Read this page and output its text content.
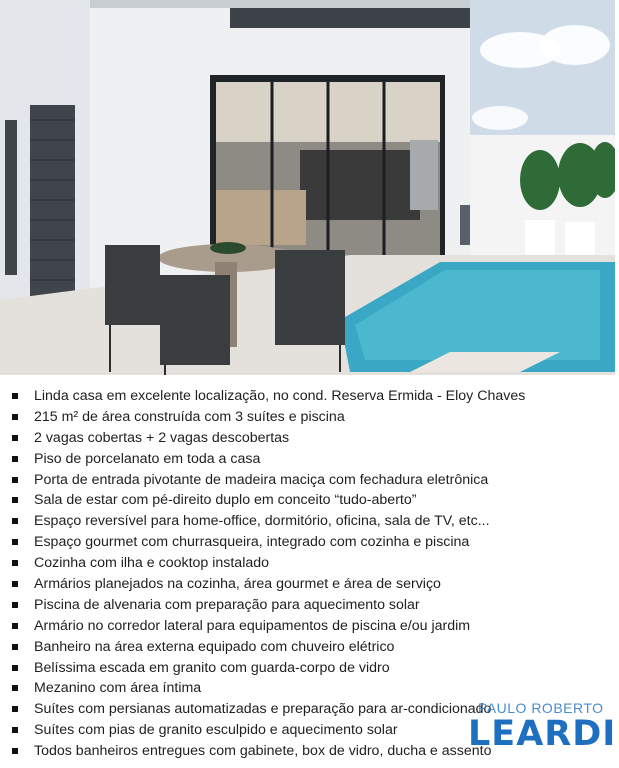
Linda casa em excelente localização, no cond. Reserva Ermida - Eloy Chaves
215 m² de área construída com 3 suítes e piscina
2 vagas cobertas + 2 vagas descobertas
Piso de porcelanato em toda a casa
Porta de entrada pivotante de madeira maciça com fechadura eletrônica
Sala de estar com pé-direito duplo em conceito “tudo-aberto”
Espaço reversível para home-office, dormitório, oficina, sala de TV, etc...
Espaço gourmet com churrasqueira, integrado com cozinha e piscina
Cozinha com ilha e cooktop instalado
Armários planejados na cozinha, área gourmet e área de serviço
Piscina de alvenaria com preparação para aquecimento solar
Armário no corredor lateral para equipamentos de piscina e/ou jardim
Banheiro na área externa equipado com chuveiro elétrico
Belíssima escada em granito com guarda-corpo de vidro
Mezanino com área íntima
Suítes com persianas automatizadas e preparação para ar-condicionado
Suítes com pias de granito esculpido e aquecimento solar
Todos banheiros entregues com gabinete, box de vidro, ducha e assento
PAULO ROBERTO
LEARDI
